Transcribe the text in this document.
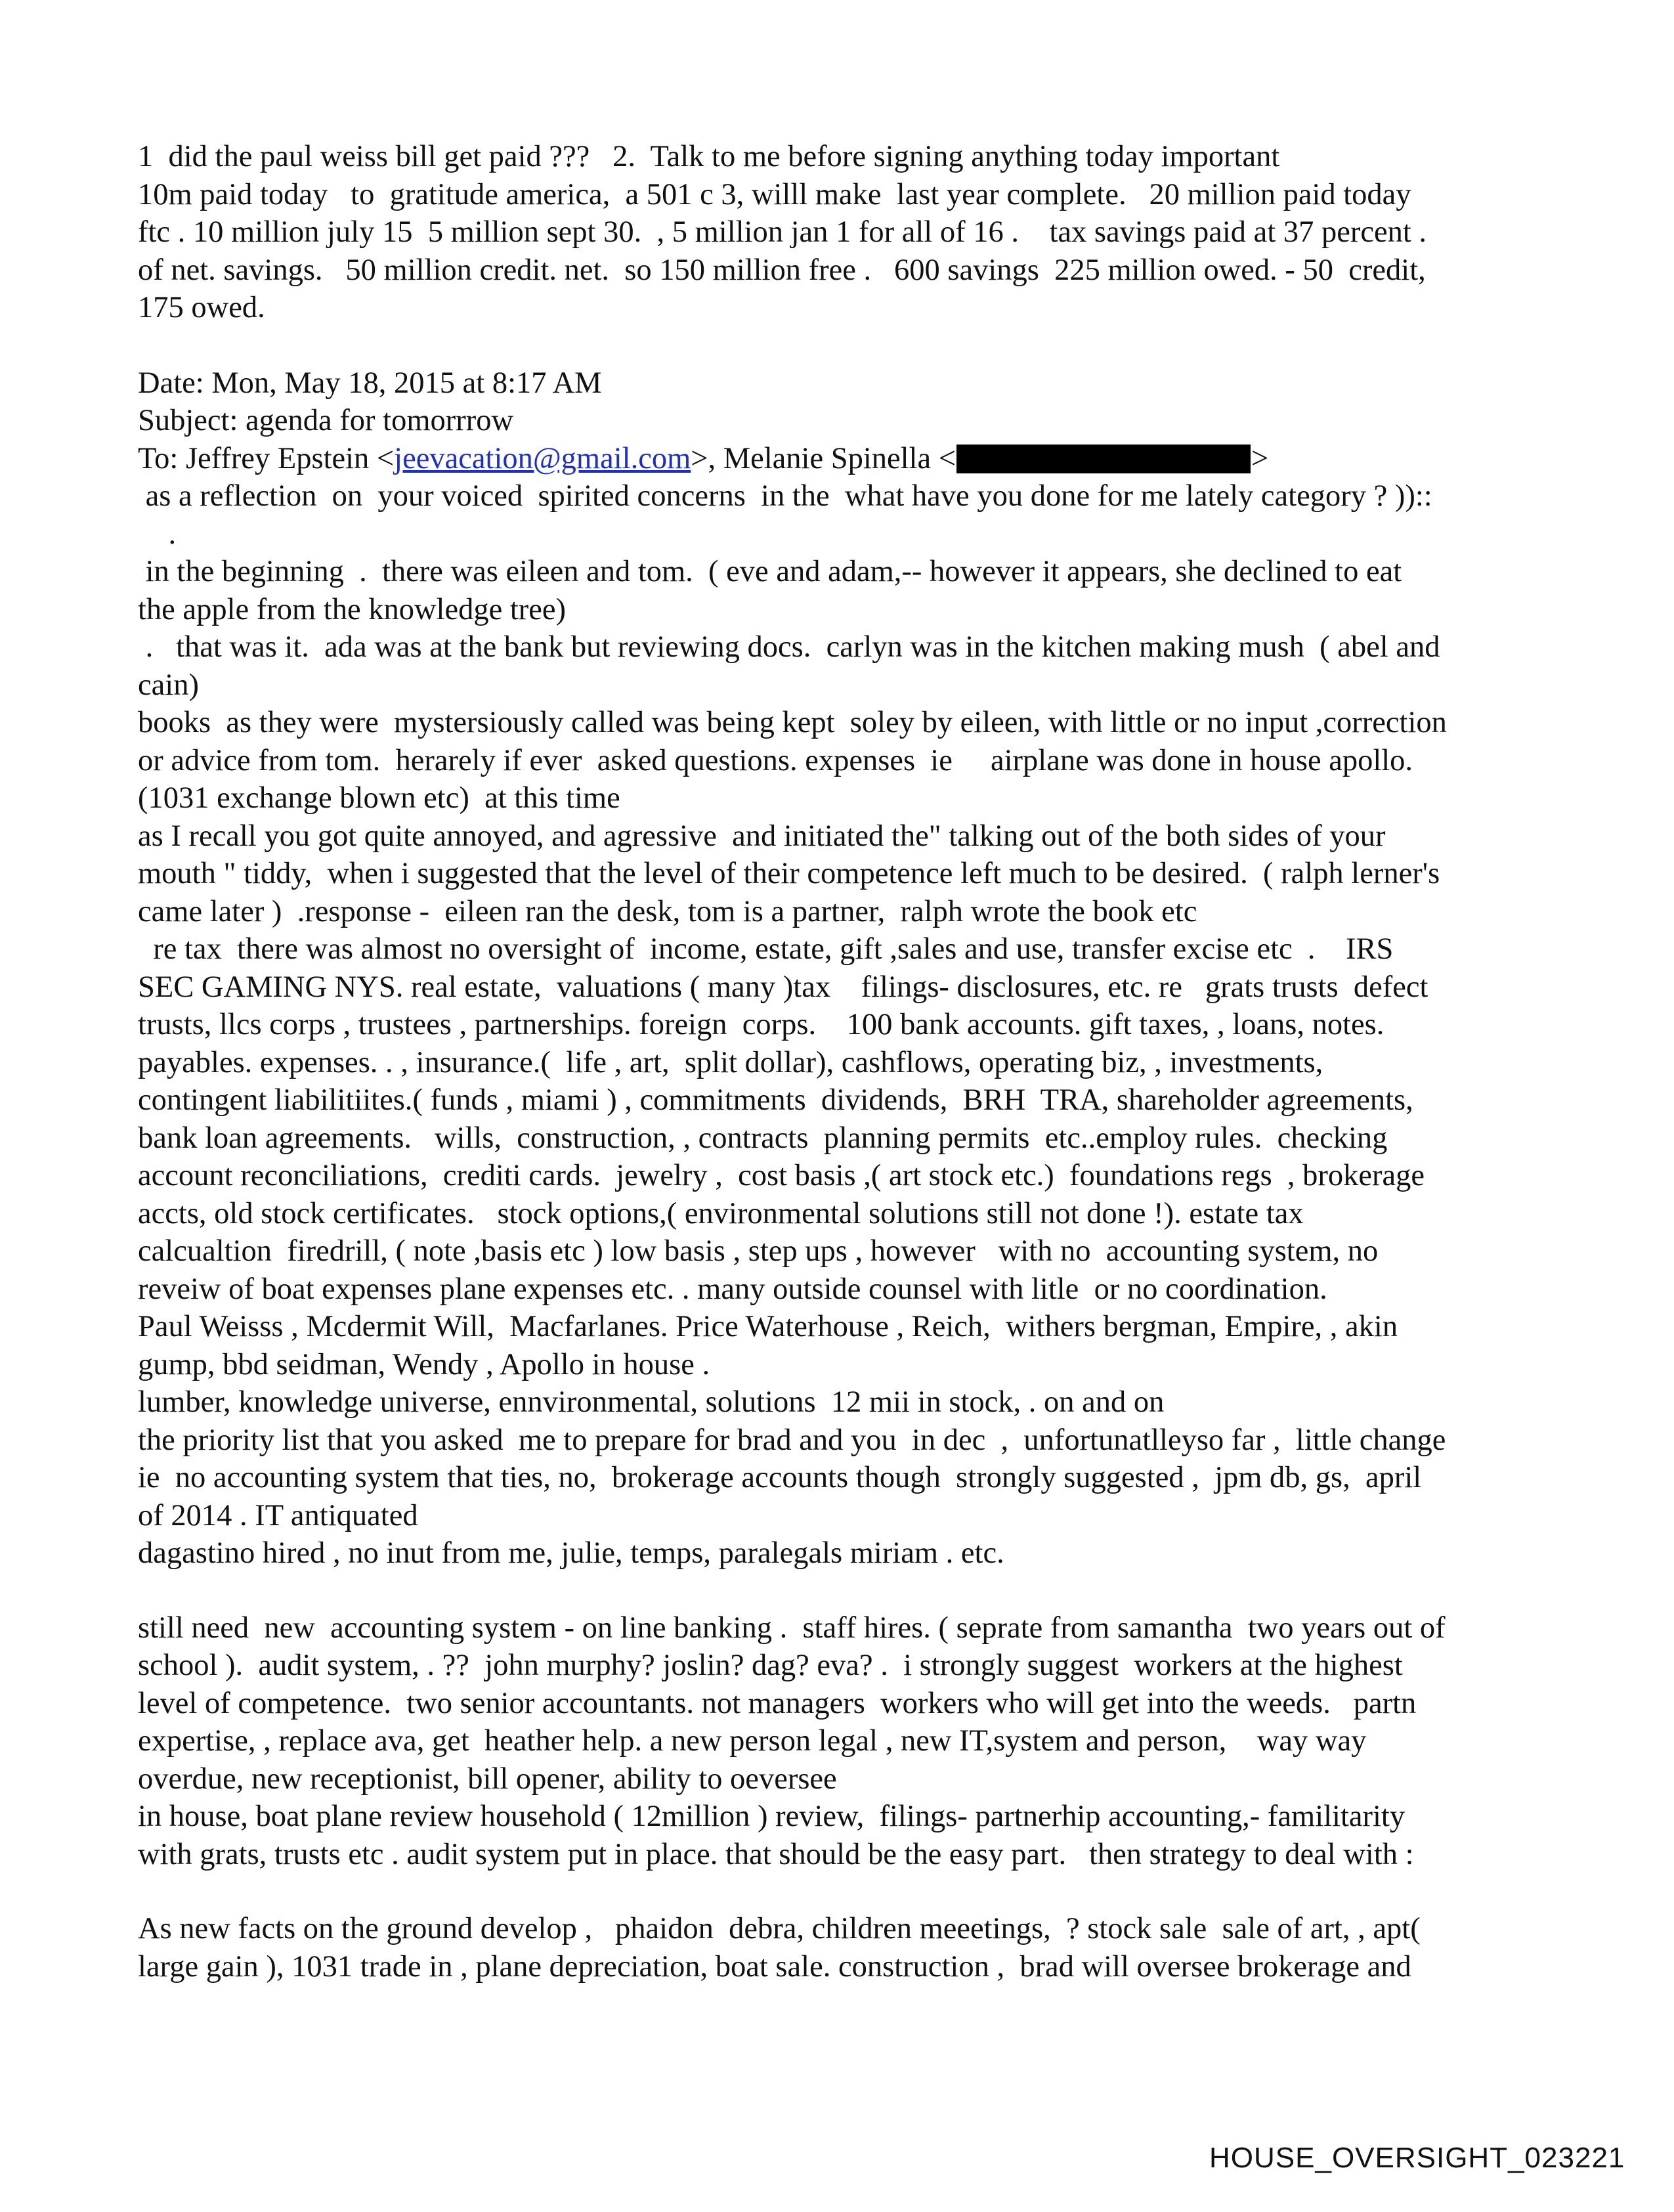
1  did the paul weiss bill get paid ???   2.  Talk to me before signing anything today important
10m paid today   to  gratitude america,  a 501 c 3, willl make  last year complete.   20 million paid today
ftc . 10 million july 15  5 million sept 30.  , 5 million jan 1 for all of 16 .    tax savings paid at 37 percent .
of net. savings.   50 million credit. net.  so 150 million free .   600 savings  225 million owed. - 50  credit,
175 owed.
Date: Mon, May 18, 2015 at 8:17 AM
Subject: agenda for tomorrrow
To: Jeffrey Epstein <jeevacation@gmail.com>, Melanie Spinella <	>
as a reflection  on  your voiced  spirited concerns  in the  what have you done for me lately category ? ))::
.
in the beginning  .  there was eileen and tom.  ( eve and adam,-- however it appears, she declined to eat
the apple from the knowledge tree)
.   that was it.  ada was at the bank but reviewing docs.  carlyn was in the kitchen making mush  ( abel and
cain)
books  as they were  mystersiously called was being kept  soley by eileen, with little or no input ,correction
or advice from tom.  herarely if ever  asked questions. expenses  ie     airplane was done in house apollo.
(1031 exchange blown etc)  at this time
as I recall you got quite annoyed, and agressive  and initiated the" talking out of the both sides of your
mouth " tiddy,  when i suggested that the level of their competence left much to be desired.  ( ralph lerner's
came later )  .response -  eileen ran the desk, tom is a partner,  ralph wrote the book etc
re tax  there was almost no oversight of  income, estate, gift ,sales and use, transfer excise etc  .    IRS
SEC GAMING NYS. real estate,  valuations ( many )tax    filings- disclosures, etc. re   grats trusts  defect
trusts, llcs corps , trustees , partnerships. foreign  corps.    100 bank accounts. gift taxes, , loans, notes.
payables. expenses. . , insurance.(  life , art,  split dollar), cashflows, operating biz, , investments,
contingent liabilitiites.( funds , miami ) , commitments  dividends,  BRH  TRA, shareholder agreements,
bank loan agreements.   wills,  construction, , contracts  planning permits  etc..employ rules.  checking
account reconciliations,  crediti cards.  jewelry ,  cost basis ,( art stock etc.)  foundations regs  , brokerage
accts, old stock certificates.   stock options,( environmental solutions still not done !). estate tax
calcualtion  firedrill, ( note ,basis etc ) low basis , step ups , however   with no  accounting system, no
reveiw of boat expenses plane expenses etc. . many outside counsel with litle  or no coordination.
Paul Weisss , Mcdermit Will,  Macfarlanes. Price Waterhouse , Reich,  withers bergman, Empire, , akin
gump, bbd seidman, Wendy , Apollo in house .
lumber, knowledge universe, ennvironmental, solutions  12 mii in stock, . on and on
the priority list that you asked  me to prepare for brad and you  in dec  ,  unfortunatlleyso far ,  little change
ie  no accounting system that ties, no,  brokerage accounts though  strongly suggested ,  jpm db, gs,  april
of 2014 . IT antiquated
dagastino hired , no inut from me, julie, temps, paralegals miriam . etc.
still need  new  accounting system - on line banking .  staff hires. ( seprate from samantha  two years out of
school ).  audit system, . ??  john murphy? joslin? dag? eva? .  i strongly suggest  workers at the highest
level of competence.  two senior accountants. not managers  workers who will get into the weeds.   partn
expertise, , replace ava, get  heather help. a new person legal , new IT,system and person,    way way
overdue, new receptionist, bill opener, ability to oeversee
in house, boat plane review household ( 12million ) review,  filings- partnerhip accounting,- familitarity
with grats, trusts etc . audit system put in place. that should be the easy part.   then strategy to deal with :
As new facts on the ground develop ,   phaidon  debra, children meeetings,  ? stock sale  sale of art, , apt(
large gain ), 1031 trade in , plane depreciation, boat sale. construction ,  brad will oversee brokerage and
HOUSE_OVERSIGHT_023221
